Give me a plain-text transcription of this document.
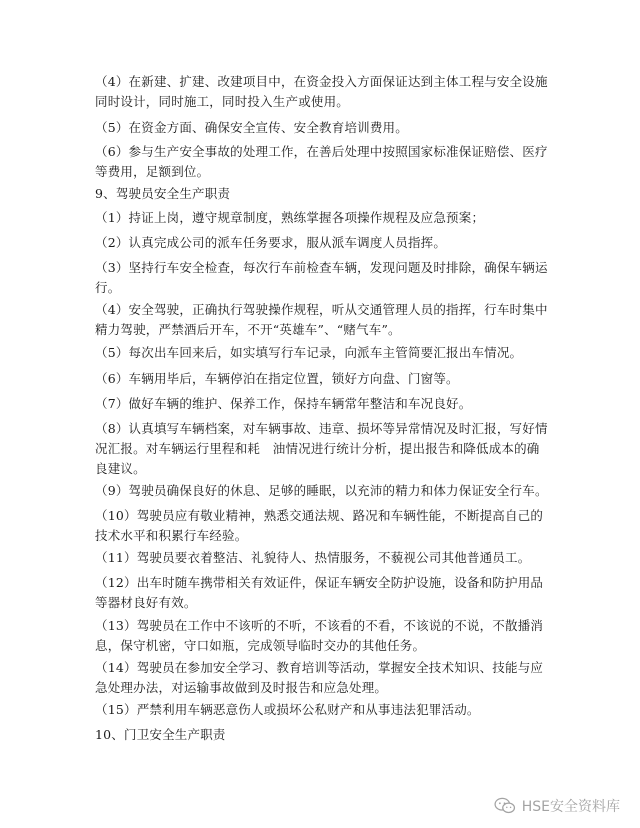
（4）在新建、扩建、改建项目中，在资金投入方面保证达到主体工程与安全设施同时设计，同时施工，同时投入生产或使用。

（5）在资金方面、确保安全宣传、安全教育培训费用。

（6）参与生产安全事故的处理工作，在善后处理中按照国家标准保证赔偿、医疗等费用，足额到位。

9、驾驶员安全生产职责

（1）持证上岗，遵守规章制度，熟练掌握各项操作规程及应急预案；

（2）认真完成公司的派车任务要求，服从派车调度人员指挥。

（3）坚持行车安全检查，每次行车前检查车辆，发现问题及时排除，确保车辆运行。

（4）安全驾驶，正确执行驾驶操作规程，听从交通管理人员的指挥，行车时集中精力驾驶，严禁酒后开车，不开“英雄车”、“赌气车”。

（5）每次出车回来后，如实填写行车记录，向派车主管简要汇报出车情况。

（6）车辆用毕后，车辆停泊在指定位置，锁好方向盘、门窗等。

（7）做好车辆的维护、保养工作，保持车辆常年整洁和车况良好。

（8）认真填写车辆档案，对车辆事故、违章、损坏等异常情况及时汇报，写好情况汇报。对车辆运行里程和耗　油情况进行统计分析，提出报告和降低成本的确良建议。

（9）驾驶员确保良好的休息、足够的睡眠，以充沛的精力和体力保证安全行车。

（10）驾驶员应有敬业精神，熟悉交通法规、路况和车辆性能，不断提高自己的技术水平和积累行车经验。

（11）驾驶员要衣着整洁、礼貌待人、热情服务，不藐视公司其他普通员工。

（12）出车时随车携带相关有效证件，保证车辆安全防护设施，设备和防护用品等器材良好有效。

（13）驾驶员在工作中不该听的不听，不该看的不看，不该说的不说，不散播消息，保守机密，守口如瓶，完成领导临时交办的其他任务。

（14）驾驶员在参加安全学习、教育培训等活动，掌握安全技术知识、技能与应急处理办法，对运输事故做到及时报告和应急处理。

（15）严禁利用车辆恶意伤人或损坏公私财产和从事违法犯罪活动。

10、门卫安全生产职责

HSE安全资料库
